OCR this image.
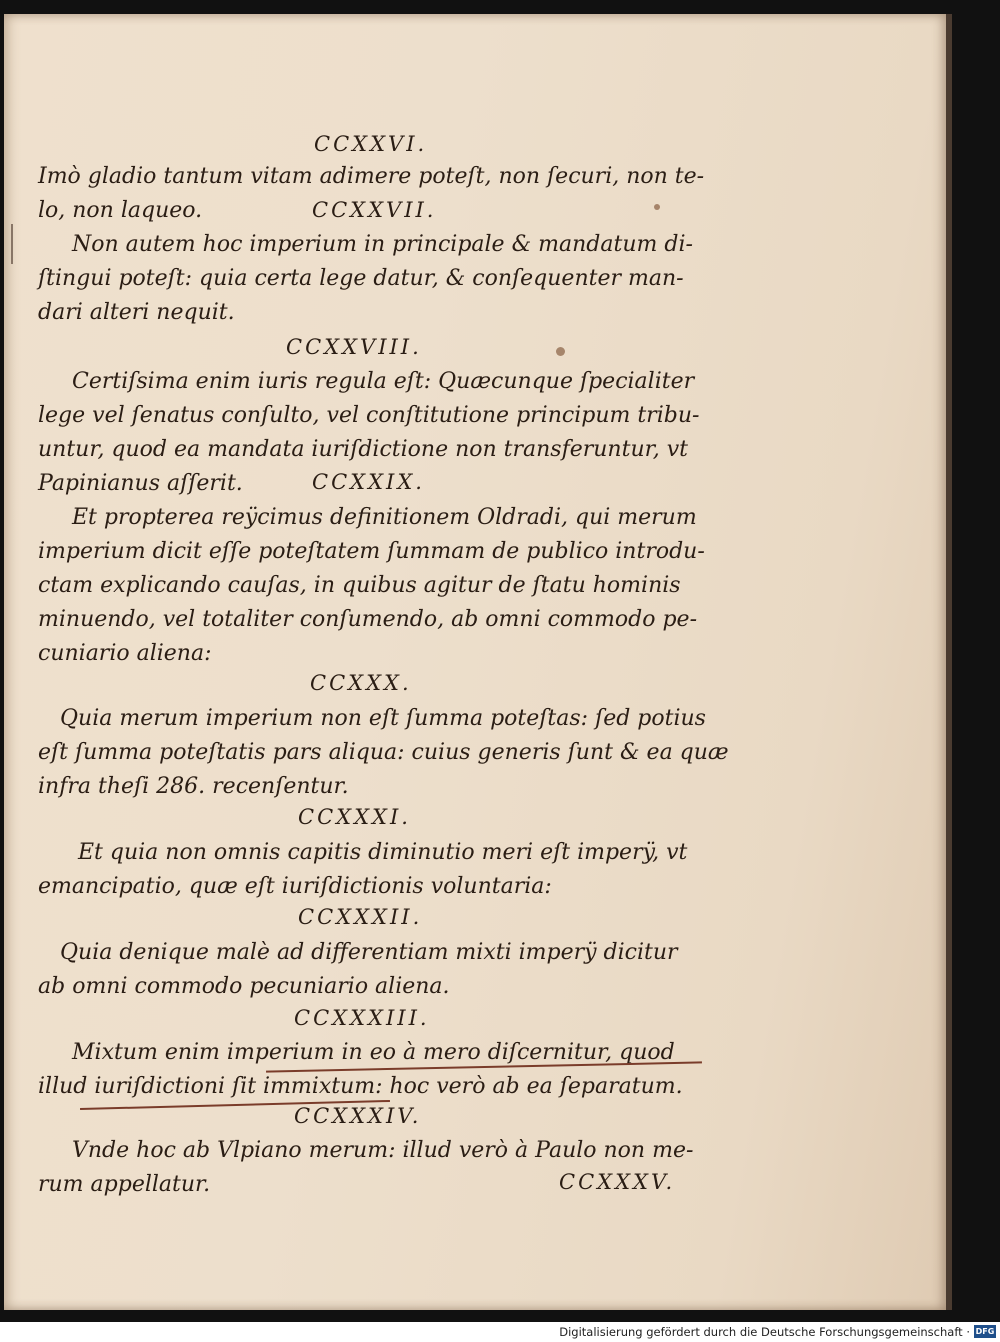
CCXXVI.
CCXXVII.
CCXXVIII.
CCXXIX.
CCXXX.
CCXXXI.
CCXXXII.
CCXXXIII.
CCXXXIV.
CCXXXV.
Imò gladio tantum vitam adimere poteſt, non ſecuri, non te-
lo, non laqueo.
Non autem hoc imperium in principale & mandatum di-
ſtingui poteſt: quia certa lege datur, & conſequenter man-
dari alteri nequit.
Certiſsima enim iuris regula eſt: Quæcunque ſpecialiter
lege vel ſenatus conſulto, vel conſtitutione principum tribu-
untur, quod ea mandata iuriſdictione non transferuntur, vt
Papinianus aſſerit.
Et propterea reÿcimus definitionem Oldradi, qui merum
imperium dicit eſſe poteſtatem ſummam de publico introdu-
ctam explicando cauſas, in quibus agitur de ſtatu hominis
minuendo, vel totaliter conſumendo, ab omni commodo pe-
cuniario aliena:
Quia merum imperium non eſt ſumma poteſtas: ſed potius
eſt ſumma poteſtatis pars aliqua: cuius generis ſunt & ea quæ
infra theſi 286. recenſentur.
Et quia non omnis capitis diminutio meri eſt imperÿ, vt
emancipatio, quæ eſt iuriſdictionis voluntaria:
Quia denique malè ad differentiam mixti imperÿ dicitur
ab omni commodo pecuniario aliena.
Mixtum enim imperium in eo à mero diſcernitur, quod
illud iuriſdictioni ſit immixtum: hoc verò ab ea ſeparatum.
Vnde hoc ab Vlpiano merum: illud verò à Paulo non me-
rum appellatur.
Digitalisierung gefördert durch die Deutsche Forschungsgemeinschaft · DFG
